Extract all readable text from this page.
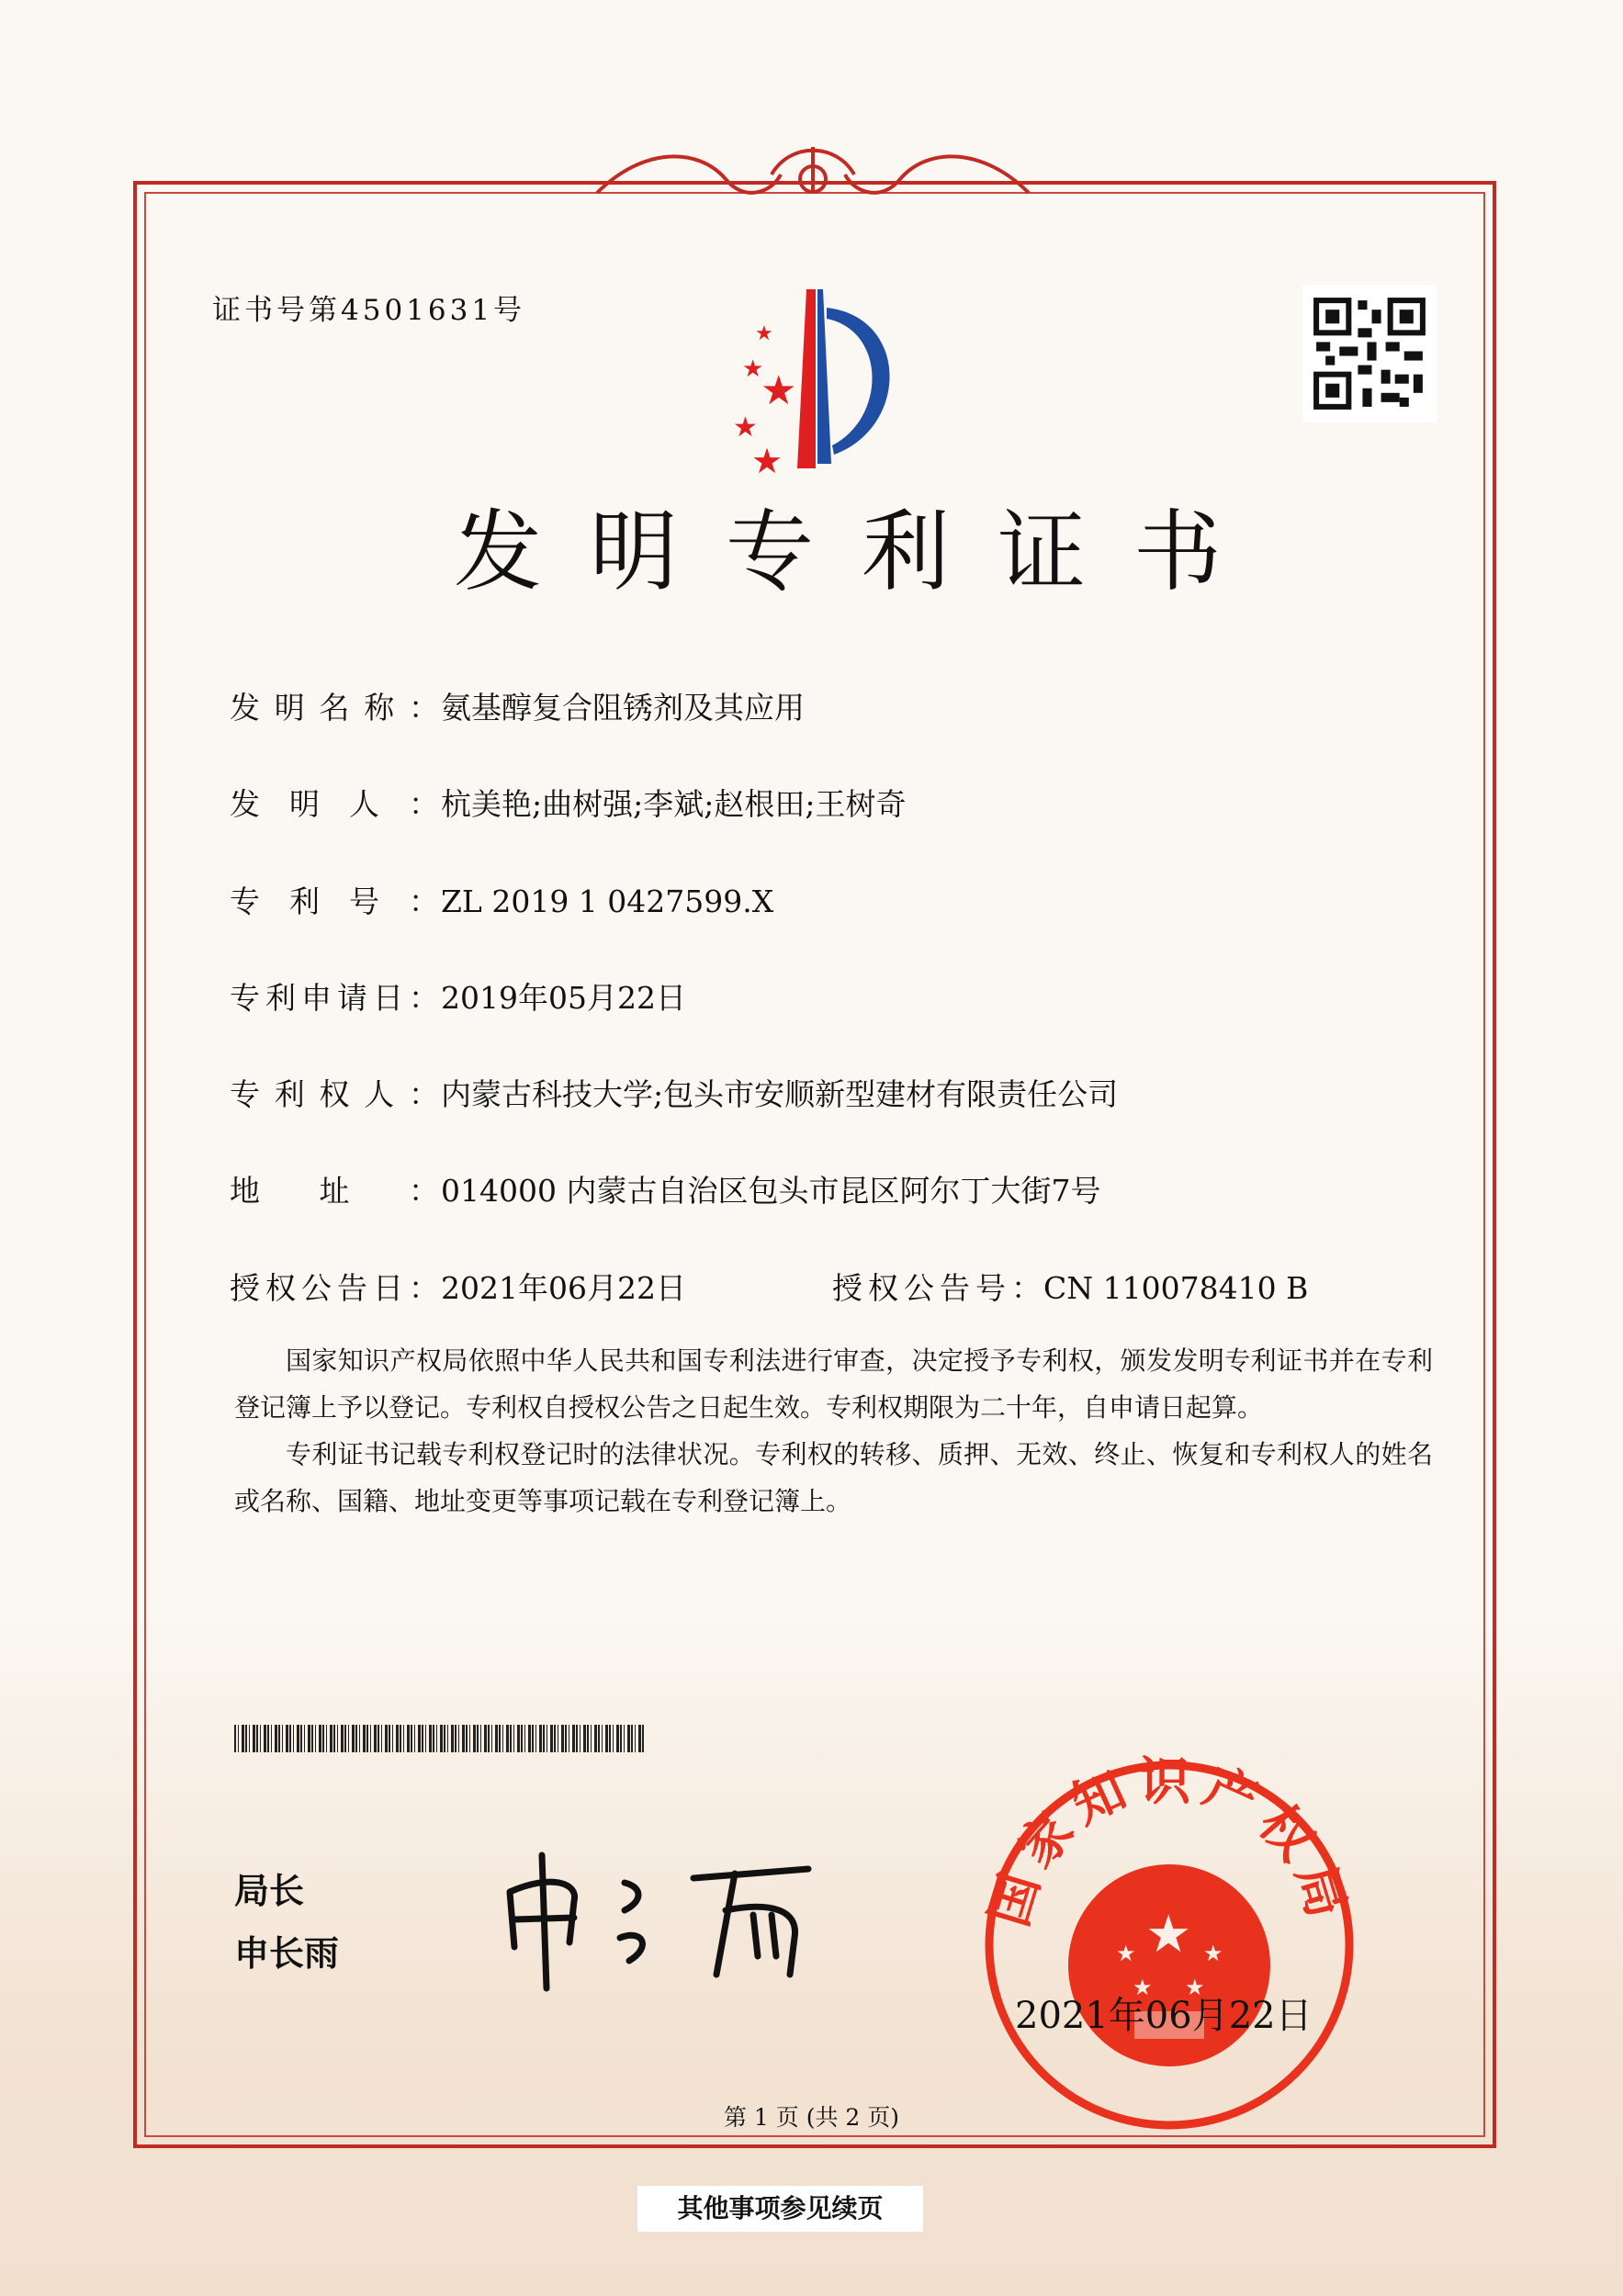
证书号第4501631号
★
★
★
★
★
发明专利证书
发明名称：氨基醇复合阻锈剂及其应用
发明人：杭美艳;曲树强;李斌;赵根田;王树奇
专利号：ZL 2019 1 0427599.X
专利申请日：2019年05月22日
专利权人：内蒙古科技大学;包头市安顺新型建材有限责任公司
地址：014000 内蒙古自治区包头市昆区阿尔丁大街7号
授权公告日：2021年06月22日	授权公告号：CN 110078410 B

国家知识产权局依照中华人民共和国专利法进行审查，决定授予专利权，颁发发明专利证书并在专利登记簿上予以登记。专利权自授权公告之日起生效。专利权期限为二十年，自申请日起算。

专利证书记载专利权登记时的法律状况。专利权的转移、质押、无效、终止、恢复和专利权人的姓名或名称、国籍、地址变更等事项记载在专利登记簿上。

局长
申长雨
国家知识产权局
★
★	★
★ ★
2021年06月22日
第 1 页 (共 2 页)
其他事项参见续页
